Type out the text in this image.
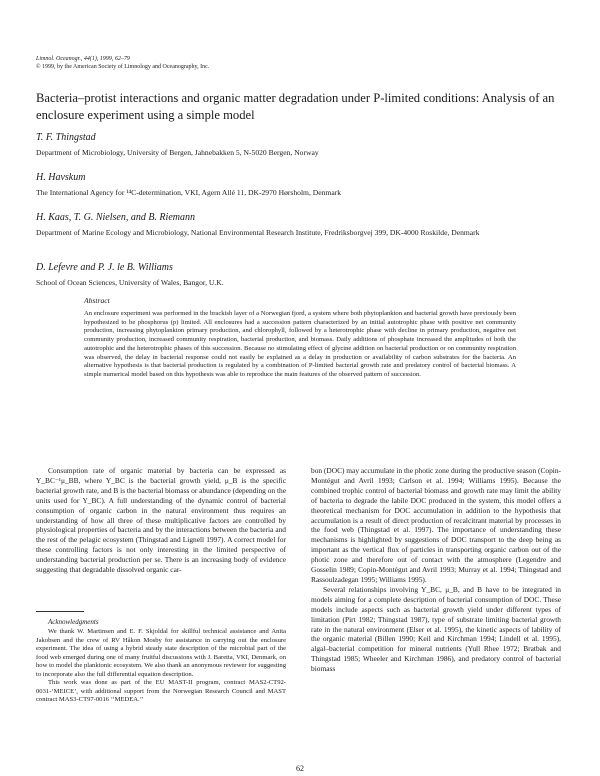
Limnol. Oceanogr., 44(1), 1999, 62–79
© 1999, by the American Society of Limnology and Oceanography, Inc.
Bacteria–protist interactions and organic matter degradation under P-limited conditions: Analysis of an enclosure experiment using a simple model
T. F. Thingstad
Department of Microbiology, University of Bergen, Jahnebakken 5, N-5020 Bergen, Norway
H. Havskum
The International Agency for ¹⁴C-determination, VKI, Agern Allé 11, DK-2970 Hørsholm, Denmark
H. Kaas, T. G. Nielsen, and B. Riemann
Department of Marine Ecology and Microbiology, National Environmental Research Institute, Fredriksborgvej 399, DK-4000 Roskilde, Denmark
D. Lefevre and P. J. le B. Williams
School of Ocean Sciences, University of Wales, Bangor, U.K.
Abstract
An enclosure experiment was performed in the brackish layer of a Norwegian fjord, a system where both phytoplankton and bacterial growth have previously been hypothesized to be phosphorus (p) limited. All enclosures had a succession pattern characterized by an initial autotrophic phase with positive net community production, increasing phytoplankton primary production, and chlorophyll, followed by a heterotrophic phase with decline in primary production, negative net community production, increased community respiration, bacterial production, and biomass. Daily additions of phosphate increased the amplitudes of both the autotrophic and the heterotrophic phases of this succession. Because no stimulating effect of glycine addition on bacterial production or on community respiration was observed, the delay in bacterial response could not easily be explained as a delay in production or availability of carbon substrates for the bacteria. An alternative hypothesis is that bacterial production is regulated by a combination of P-limited bacterial growth rate and predatory control of bacterial biomass. A simple numerical model based on this hypothesis was able to reproduce the main features of the observed pattern of succession.

Consumption rate of organic material by bacteria can be expressed as Y_BC⁻¹μ_BB, where Y_BC is the bacterial growth yield, μ_B is the specific bacterial growth rate, and B is the bacterial biomass or abundance (depending on the units used for Y_BC). A full understanding of the dynamic control of bacterial consumption of organic carbon in the natural environment thus requires an understanding of how all three of these multiplicative factors are controlled by physiological properties of bacteria and by the interactions between the bacteria and the rest of the pelagic ecosystem (Thingstad and Lignell 1997). A correct model for these controlling factors is not only interesting in the limited perspective of understanding bacterial production per se. There is an increasing body of evidence suggesting that degradable dissolved organic car-

Acknowledgments

We thank W. Martinsen and E. F. Skjoldal for skillful technical assistance and Anita Jakobsen and the crew of RV Håkon Mosby for assistance in carrying out the enclosure experiment. The idea of using a hybrid steady state description of the microbial part of the food web emerged during one of many fruitful discussions with J. Baretta, VKI, Denmark, on how to model the planktonic ecosystem. We also thank an anonymous reviewer for suggesting to incorporate also the full differential equation description.

This work was done as part of the EU MAST-II program, contract MAS2-CT92-0031-‘MEICE’, with additional support from the Norwegian Research Council and MAST contract MAS3-CT97-0016 ‘‘MEDEA.’’

bon (DOC) may accumulate in the photic zone during the productive season (Copin-Montégut and Avril 1993; Carlson et al. 1994; Williams 1995). Because the combined trophic control of bacterial biomass and growth rate may limit the ability of bacteria to degrade the labile DOC produced in the system, this model offers a theoretical mechanism for DOC accumulation in addition to the hypothesis that accumulation is a result of direct production of recalcitrant material by processes in the food web (Thingstad et al. 1997). The importance of understanding these mechanisms is highlighted by suggestions of DOC transport to the deep being as important as the vertical flux of particles in transporting organic carbon out of the photic zone and therefore out of contact with the atmosphere (Legendre and Gosselin 1989; Copin-Montégut and Avril 1993; Murray et al. 1994; Thingstad and Rassoulzadegan 1995; Williams 1995).

Several relationships involving Y_BC, μ_B, and B have to be integrated in models aiming for a complete description of bacterial consumption of DOC. These models include aspects such as bacterial growth yield under different types of limitation (Pirt 1982; Thingstad 1987), type of substrate limiting bacterial growth rate in the natural environment (Elser et al. 1995), the kinetic aspects of lability of the organic material (Billen 1990; Keil and Kirchman 1994; Lindell et al. 1995), algal–bacterial competition for mineral nutrients (Yull Rhee 1972; Bratbak and Thingstad 1985; Wheeler and Kirchman 1986), and predatory control of bacterial biomass

62
